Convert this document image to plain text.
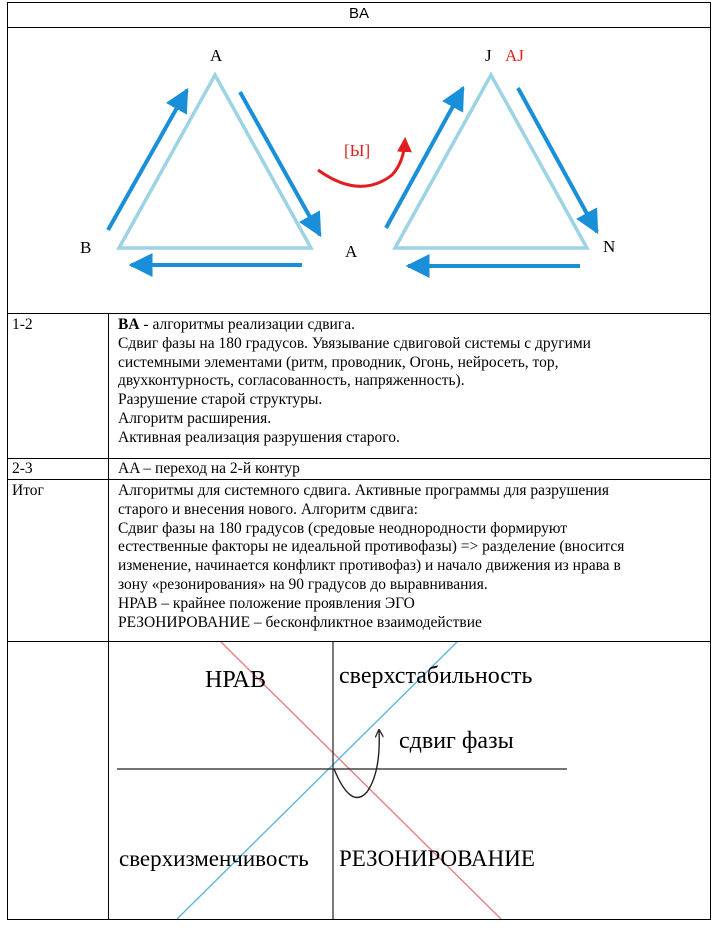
BA
A
B	A
J AJ
N
[Ы]
1-2	BA - алгоритмы реализации сдвига.
Сдвиг фазы на 180 градусов. Увязывание сдвиговой системы с другими
системными элементами (ритм, проводник, Огонь, нейросеть, тор,
двухконтурность, согласованность, напряженность).
Разрушение старой структуры.
Алгоритм расширения.
Активная реализация разрушения старого.
2-3	AA – переход на 2-й контур
Итог	Алгоритмы для системного сдвига. Активные программы для разрушения
старого и внесения нового. Алгоритм сдвига:
Сдвиг фазы на 180 градусов (средовые неоднородности формируют
естественные факторы не идеальной противофазы) => разделение (вносится
изменение, начинается конфликт противофаз) и начало движения из нрава в
зону «резонирования» на 90 градусов до выравнивания.
НРАВ – крайнее положение проявления ЭГО
РЕЗОНИРОВАНИЕ – бесконфликтное взаимодействие
НРАВ	сверхстабильность
сдвиг фазы
сверхизменчивость РЕЗОНИРОВАНИЕ
